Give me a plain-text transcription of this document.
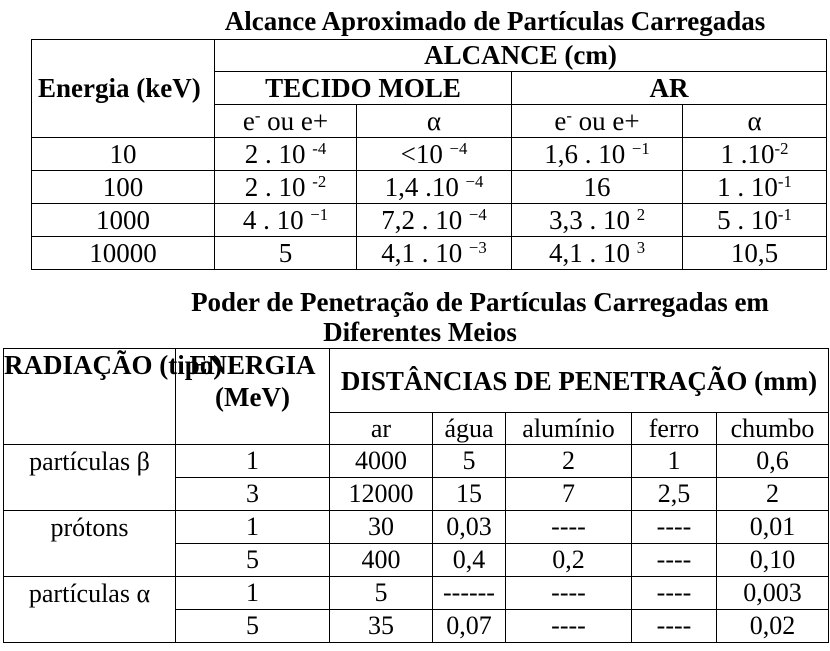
Alcance Aproximado de Partículas Carregadas

Energia (keV)	ALCANCE (cm)			
	TECIDO MOLE		AR	
	e- ou e+	α	e- ou e+	α
10	2 . 10 $^{-4}$	<10 $^{-4}$	1,6 . 10 $^{-1}$	1 $.10^{-2}$
100	2 . 10 $^{-2}$	1,4 .10 $^{-4}$	16	1 . $10^{-1}$
1000	4 . 10 $^{-1}$	7,2 . 10 $^{-4}$	3,3 . 10 $^2$	5 . $10^{-1}$
10000	5	4,1 . 10 $^{-3}$	4,1 . 10 $^3$	10,5

Poder de Penetração de Partículas Carregadas em

Diferentes Meios

RADIAÇÃO (tipo)	ENERGIA (MeV)	DISTÂNCIAS DE PENETRAÇÃO (mm)				

		ar	água	alumínio	ferro	chumbo
partículas β	1	4000	5	2	1	0,6
	3	12000	15	7	2,5	2
prótons	1	30	0,03	----	----	0,01
	5	400	0,4	0,2	----	0,10
partículas α	1	5	------	----	----	0,003
	5	35	0,07	----	----	0,02
